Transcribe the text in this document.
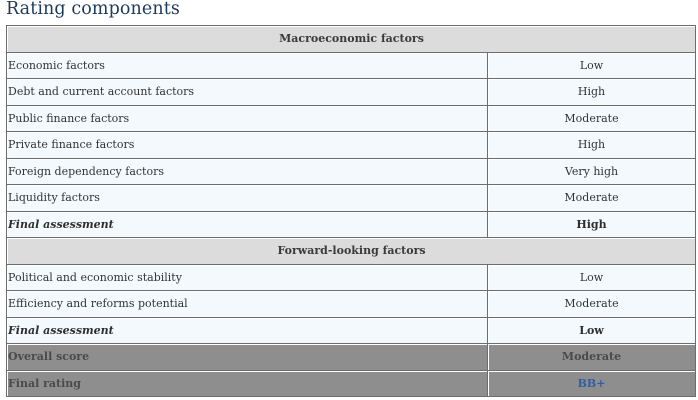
Rating components
Macroeconomic factors	
Economic factors	Low
Debt and current account factors	High
Public finance factors	Moderate
Private finance factors	High
Foreign dependency factors	Very high
Liquidity factors	Moderate
Final assessment	High
Forward-looking factors	
Political and economic stability	Low
Efficiency and reforms potential	Moderate
Final assessment	Low
Overall score	Moderate
Final rating	BB+
